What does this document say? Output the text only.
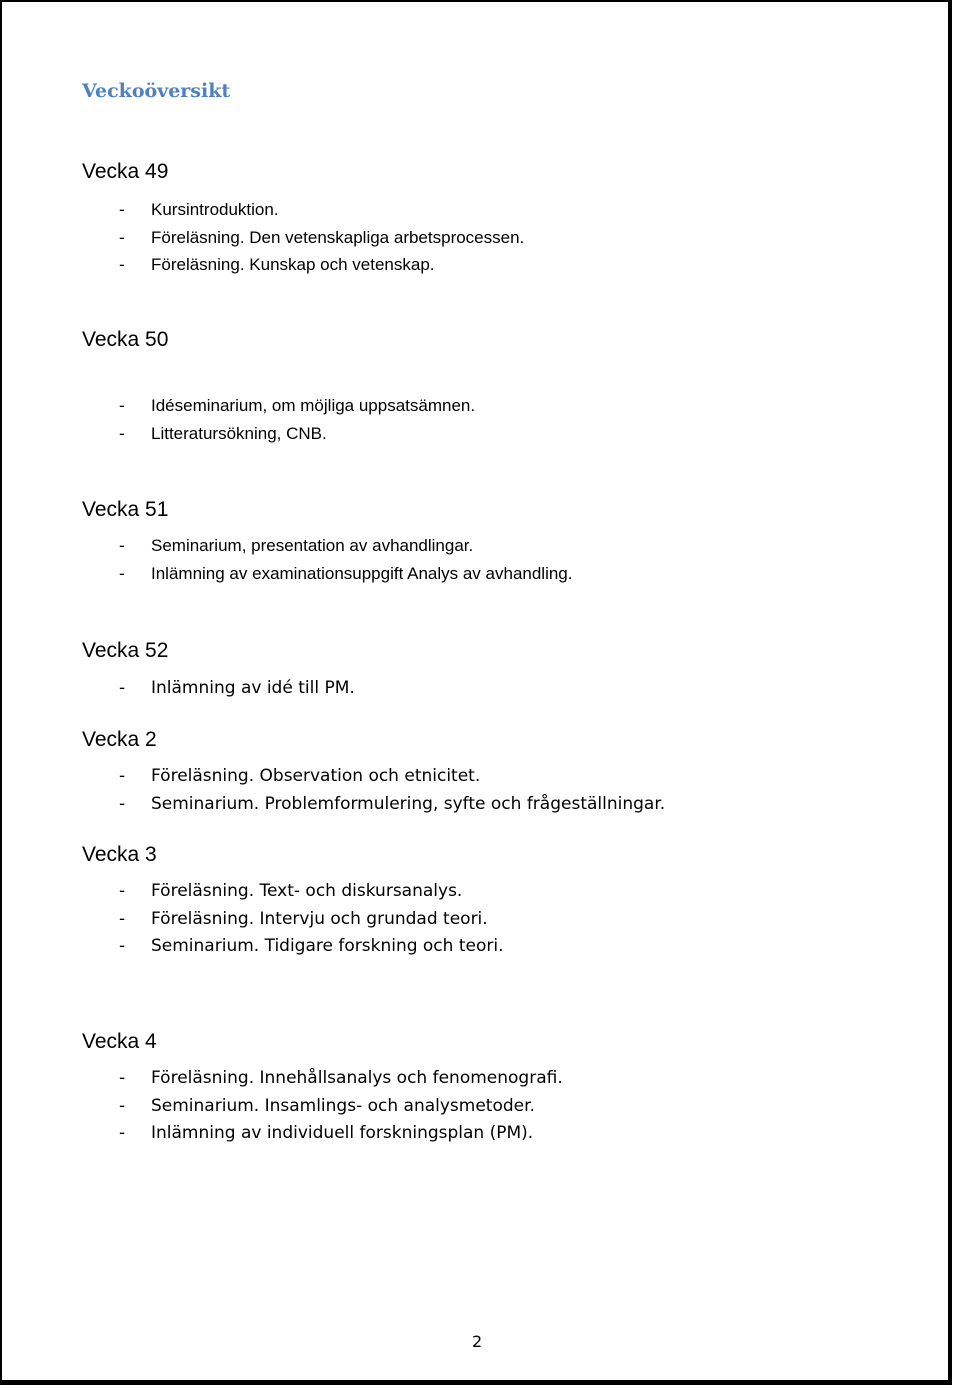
Veckoöversikt
Vecka 49
- Kursintroduktion.
- Föreläsning. Den vetenskapliga arbetsprocessen.
- Föreläsning. Kunskap och vetenskap.
Vecka 50
- Idéseminarium, om möjliga uppsatsämnen.
- Litteratursökning, CNB.
Vecka 51
- Seminarium, presentation av avhandlingar.
- Inlämning av examinationsuppgift Analys av avhandling.
Vecka 52
- Inlämning av idé till PM.
Vecka 2
- Föreläsning. Observation och etnicitet.
- Seminarium. Problemformulering, syfte och frågeställningar.
Vecka 3
- Föreläsning. Text- och diskursanalys.
- Föreläsning. Intervju och grundad teori.
- Seminarium. Tidigare forskning och teori.
Vecka 4
- Föreläsning. Innehållsanalys och fenomenografi.
- Seminarium. Insamlings- och analysmetoder.
- Inlämning av individuell forskningsplan (PM).
2
